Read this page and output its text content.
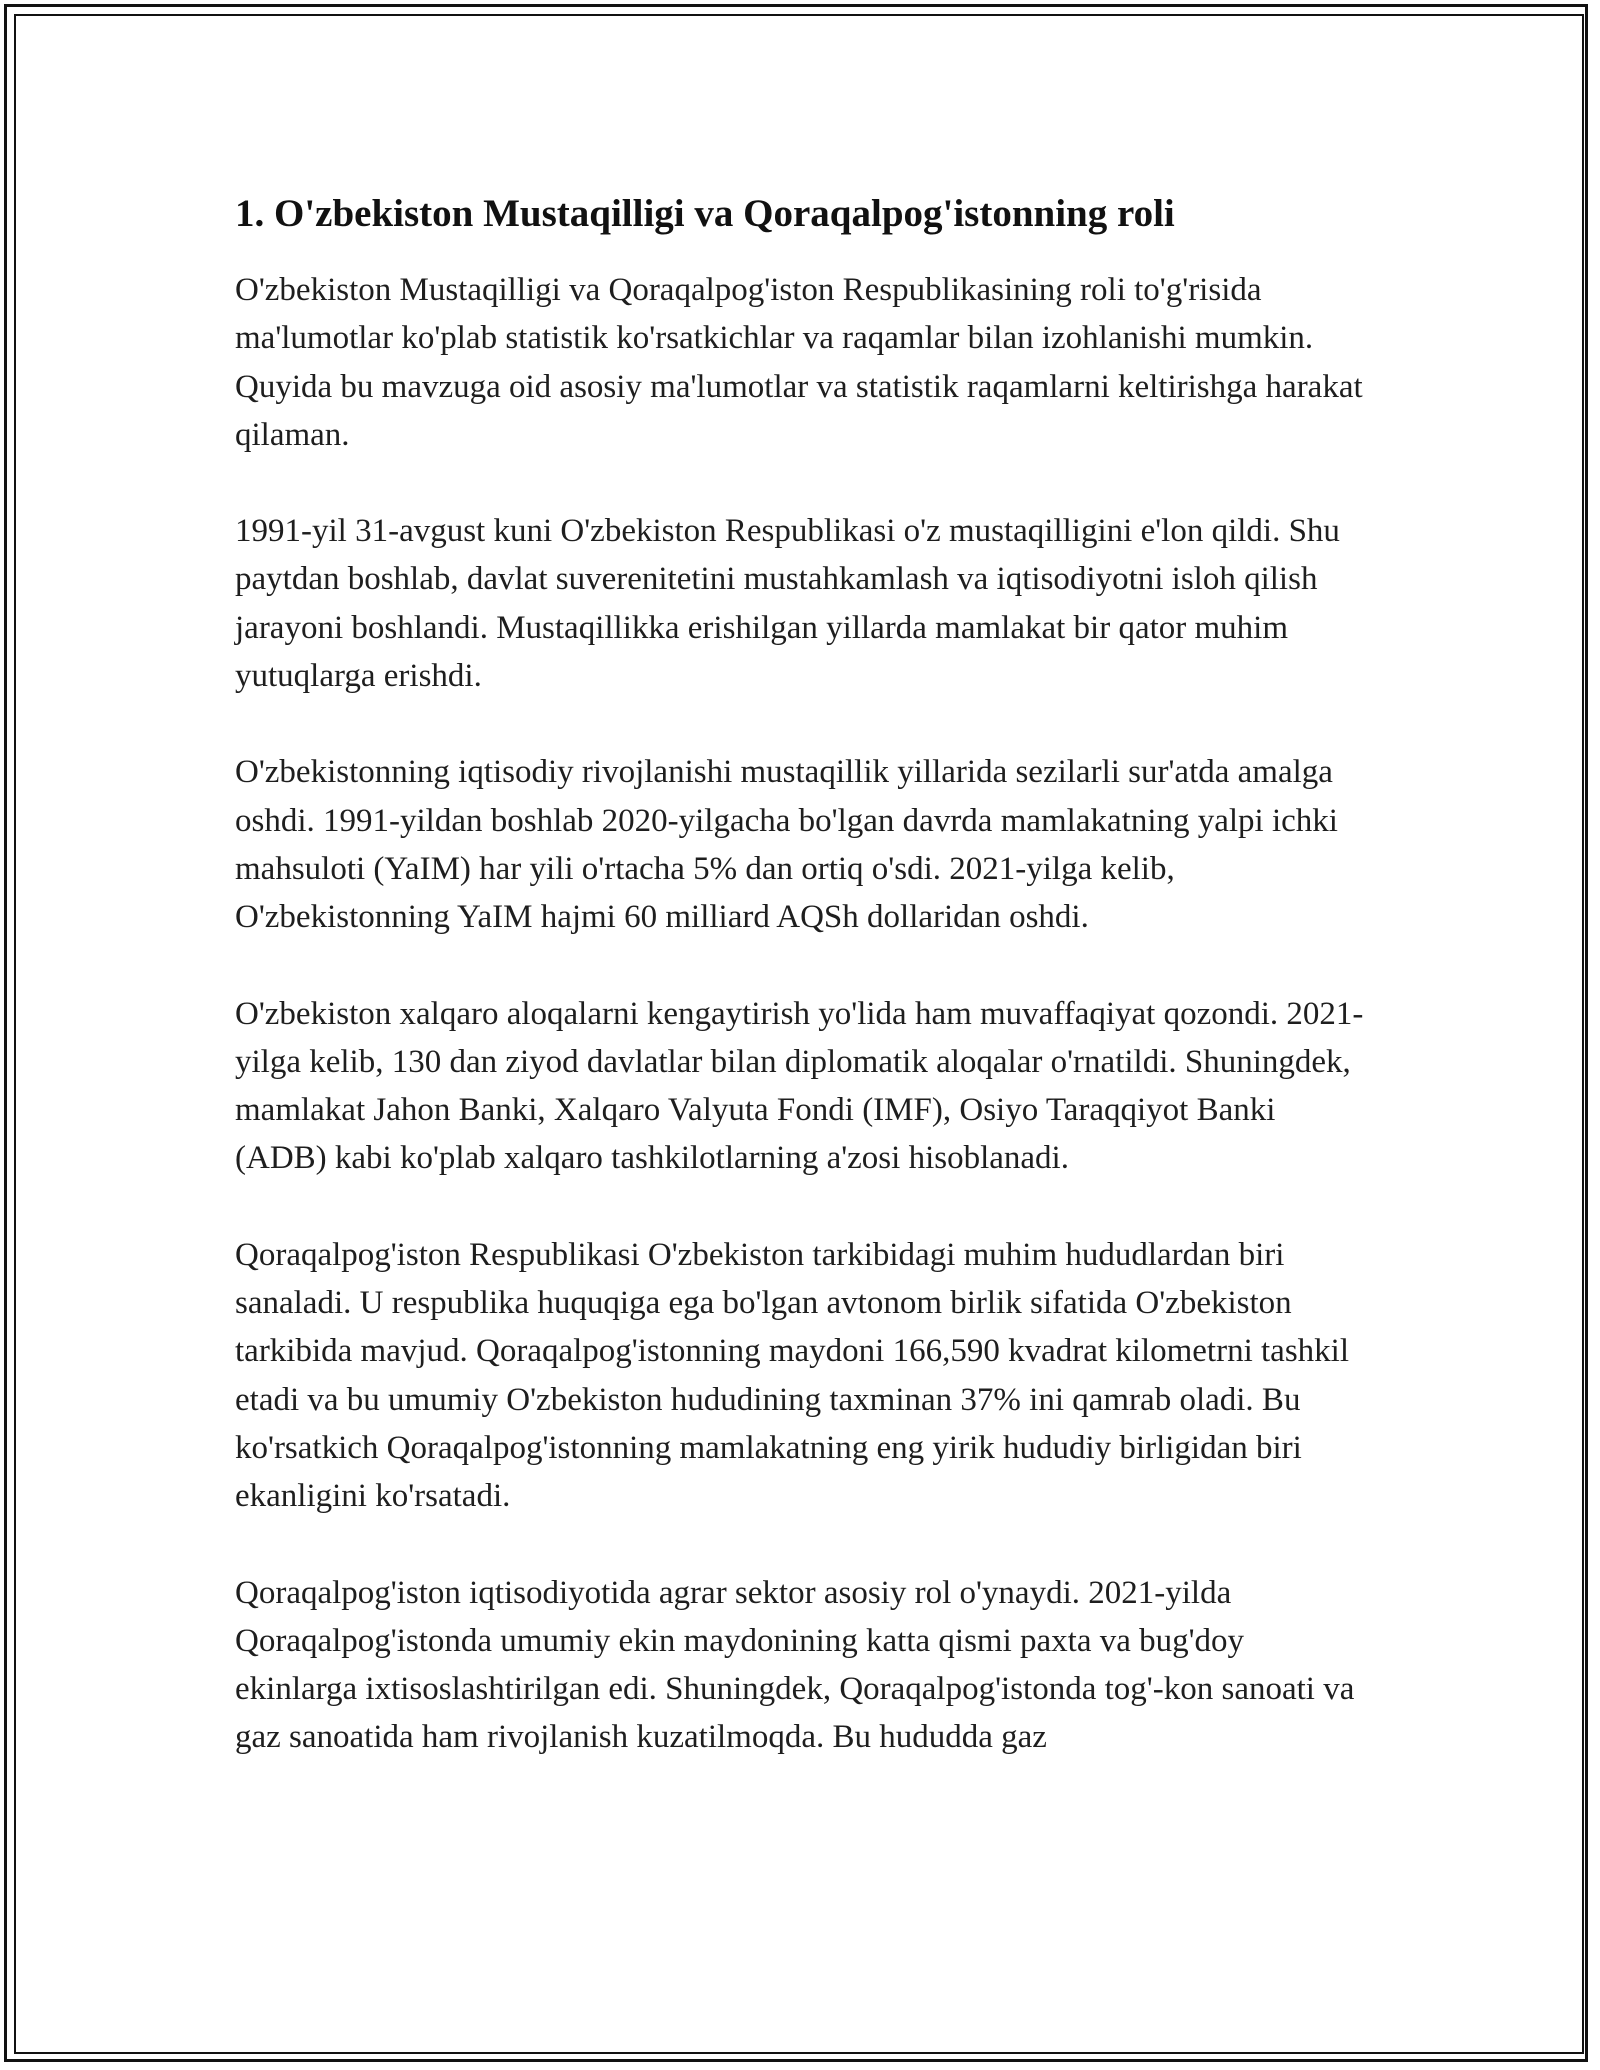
1. O'zbekiston Mustaqilligi va Qoraqalpog'istonning roli

O'zbekiston Mustaqilligi va Qoraqalpog'iston Respublikasining roli to'g'risida ma'lumotlar ko'plab statistik ko'rsatkichlar va raqamlar bilan izohlanishi mumkin. Quyida bu mavzuga oid asosiy ma'lumotlar va statistik raqamlarni keltirishga harakat qilaman.

1991-yil 31-avgust kuni O'zbekiston Respublikasi o'z mustaqilligini e'lon qildi. Shu paytdan boshlab, davlat suverenitetini mustahkamlash va iqtisodiyotni isloh qilish jarayoni boshlandi. Mustaqillikka erishilgan yillarda mamlakat bir qator muhim yutuqlarga erishdi.

O'zbekistonning iqtisodiy rivojlanishi mustaqillik yillarida sezilarli sur'atda amalga oshdi. 1991-yildan boshlab 2020-yilgacha bo'lgan davrda mamlakatning yalpi ichki mahsuloti (YaIM) har yili o'rtacha 5% dan ortiq o'sdi. 2021-yilga kelib, O'zbekistonning YaIM hajmi 60 milliard AQSh dollaridan oshdi.

O'zbekiston xalqaro aloqalarni kengaytirish yo'lida ham muvaffaqiyat qozondi. 2021-yilga kelib, 130 dan ziyod davlatlar bilan diplomatik aloqalar o'rnatildi. Shuningdek, mamlakat Jahon Banki, Xalqaro Valyuta Fondi (IMF), Osiyo Taraqqiyot Banki (ADB) kabi ko'plab xalqaro tashkilotlarning a'zosi hisoblanadi.

Qoraqalpog'iston Respublikasi O'zbekiston tarkibidagi muhim hududlardan biri sanaladi. U respublika huquqiga ega bo'lgan avtonom birlik sifatida O'zbekiston tarkibida mavjud. Qoraqalpog'istonning maydoni 166,590 kvadrat kilometrni tashkil etadi va bu umumiy O'zbekiston hududining taxminan 37% ini qamrab oladi. Bu ko'rsatkich Qoraqalpog'istonning mamlakatning eng yirik hududiy birligidan biri ekanligini ko'rsatadi.

Qoraqalpog'iston iqtisodiyotida agrar sektor asosiy rol o'ynaydi. 2021-yilda Qoraqalpog'istonda umumiy ekin maydonining katta qismi paxta va bug'doy ekinlarga ixtisoslashtirilgan edi. Shuningdek, Qoraqalpog'istonda tog'-kon sanoati va gaz sanoatida ham rivojlanish kuzatilmoqda. Bu hududda gaz
